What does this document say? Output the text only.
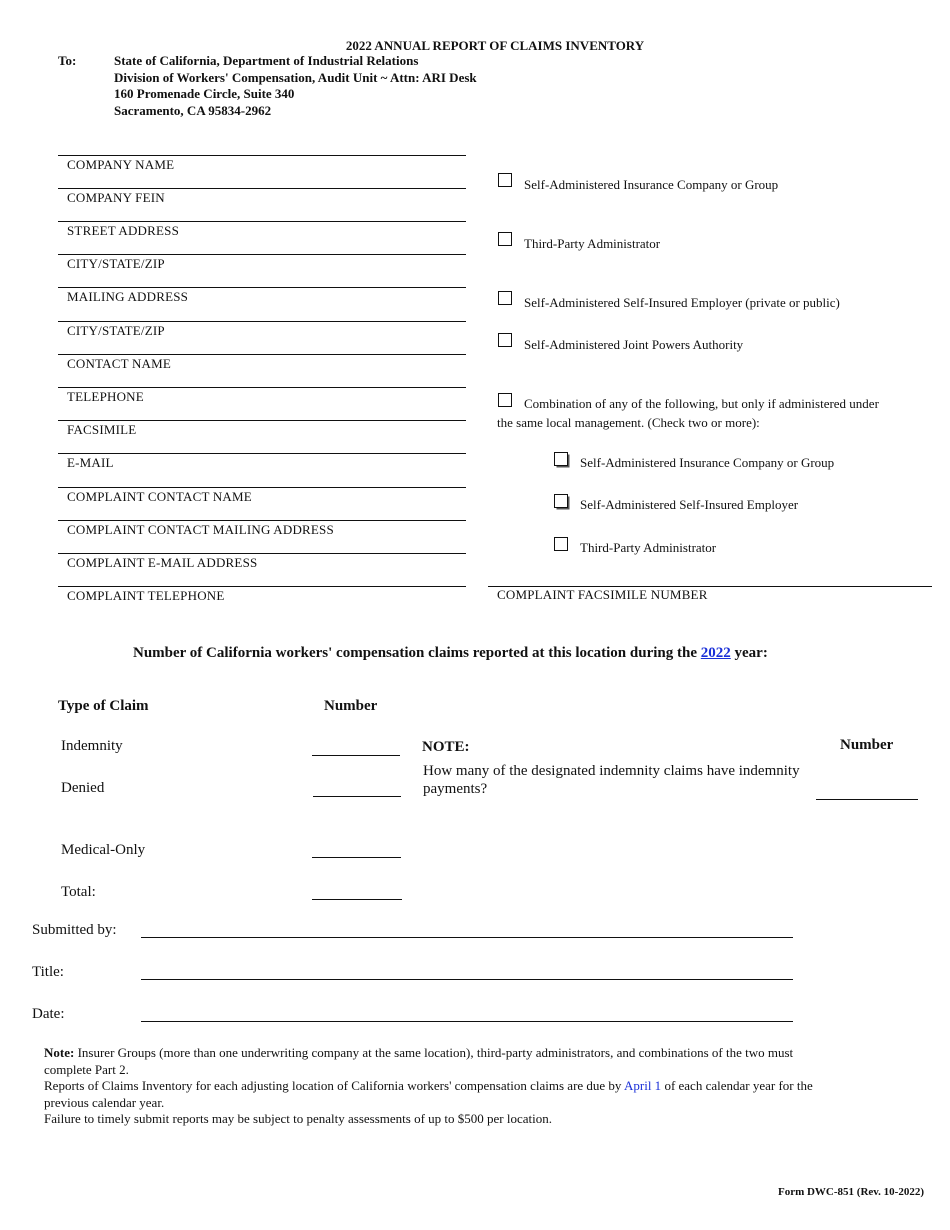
2022 ANNUAL REPORT OF CLAIMS INVENTORY
To:	State of California, Department of Industrial Relations
Division of Workers' Compensation, Audit Unit ~ Attn: ARI Desk
160 Promenade Circle, Suite 340
Sacramento, CA 95834-2962
COMPANY NAME
COMPANY FEIN
STREET ADDRESS
CITY/STATE/ZIP
MAILING ADDRESS
CITY/STATE/ZIP
CONTACT NAME
TELEPHONE
FACSIMILE
E-MAIL
COMPLAINT CONTACT NAME
COMPLAINT CONTACT MAILING ADDRESS
COMPLAINT E-MAIL ADDRESS
COMPLAINT TELEPHONE
Self-Administered Insurance Company or Group
Third-Party Administrator
Self-Administered Self-Insured Employer (private or public)
Self-Administered Joint Powers Authority
Combination of any of the following, but only if administered under
the same local management. (Check two or more):
Self-Administered Insurance Company or Group
Self-Administered Self-Insured Employer
Third-Party Administrator
COMPLAINT FACSIMILE NUMBER
Number of California workers' compensation claims reported at this location during the 2022 year:
Type of Claim	Number
Indemnity
Denied
Medical-Only
Total:
NOTE:
How many of the designated indemnity claims have indemnity payments?
Number
Submitted by:
Title:
Date:
Note: Insurer Groups (more than one underwriting company at the same location), third-party administrators, and combinations of the two must complete Part 2.
Reports of Claims Inventory for each adjusting location of California workers' compensation claims are due by April 1 of each calendar year for the previous calendar year.
Failure to timely submit reports may be subject to penalty assessments of up to $500 per location.
Form DWC-851 (Rev. 10-2022)
